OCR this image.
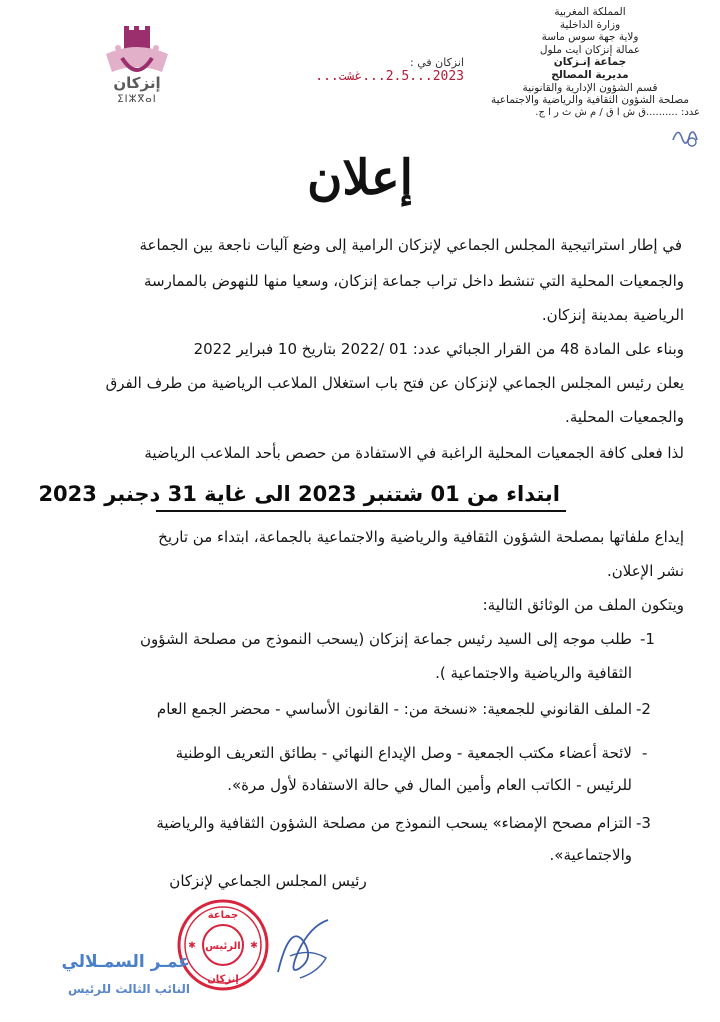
المملكة المغربية
وزارة الداخلية
ولاية جهة سوس ماسة
عمالة إنزكان ايت ملول
جماعة إنـزكان
مديرية المصالح
قسم الشؤون الإدارية والقانونية
مصلحة الشؤون الثقافية والرياضية والاجتماعية
عدد: ..........ق ش ا ق / م ش ث ر ا ج.
إنزكان
ⵉⵏⵣⴳⴰⵏ
انزكان في : 2023...2.5...غشت...
إعلان
في إطار استراتيجية المجلس الجماعي لإنزكان الرامية إلى وضع آليات ناجعة بين الجماعة
والجمعيات المحلية التي تنشط داخل تراب جماعة إنزكان، وسعيا منها للنهوض بالممارسة
الرياضية بمدينة إنزكان.
وبناء على المادة 48 من القرار الجبائي عدد: 01 /2022 بتاريخ 10 فبراير 2022
يعلن رئيس المجلس الجماعي لإنزكان عن فتح باب استغلال الملاعب الرياضية من طرف الفرق
والجمعيات المحلية.
لذا فعلى كافة الجمعيات المحلية الراغبة في الاستفادة من حصص بأحد الملاعب الرياضية
ابتداء من 01 شتنبر 2023 الى غاية 31 دجنبر 2023
إيداع ملفاتها بمصلحة الشؤون الثقافية والرياضية والاجتماعية بالجماعة، ابتداء من تاريخ
نشر الإعلان.
ويتكون الملف من الوثائق التالية:
-1
طلب موجه إلى السيد رئيس جماعة إنزكان (يسحب النموذج من مصلحة الشؤون
الثقافية والرياضية والاجتماعية ).
-2
الملف القانوني للجمعية: «نسخة من: - القانون الأساسي - محضر الجمع العام
-
لائحة أعضاء مكتب الجمعية - وصل الإيداع النهائي - بطائق التعريف الوطنية
للرئيس - الكاتب العام وأمين المال في حالة الاستفادة لأول مرة».
-3
التزام مصحح الإمضاء» يسحب النموذج من مصلحة الشؤون الثقافية والرياضية
والاجتماعية».
رئيس المجلس الجماعي لإنزكان
جماعة
الرئيس
إنزكان
✱	✱
عمـر السمـلالي
النائب الثالث للرئيس
